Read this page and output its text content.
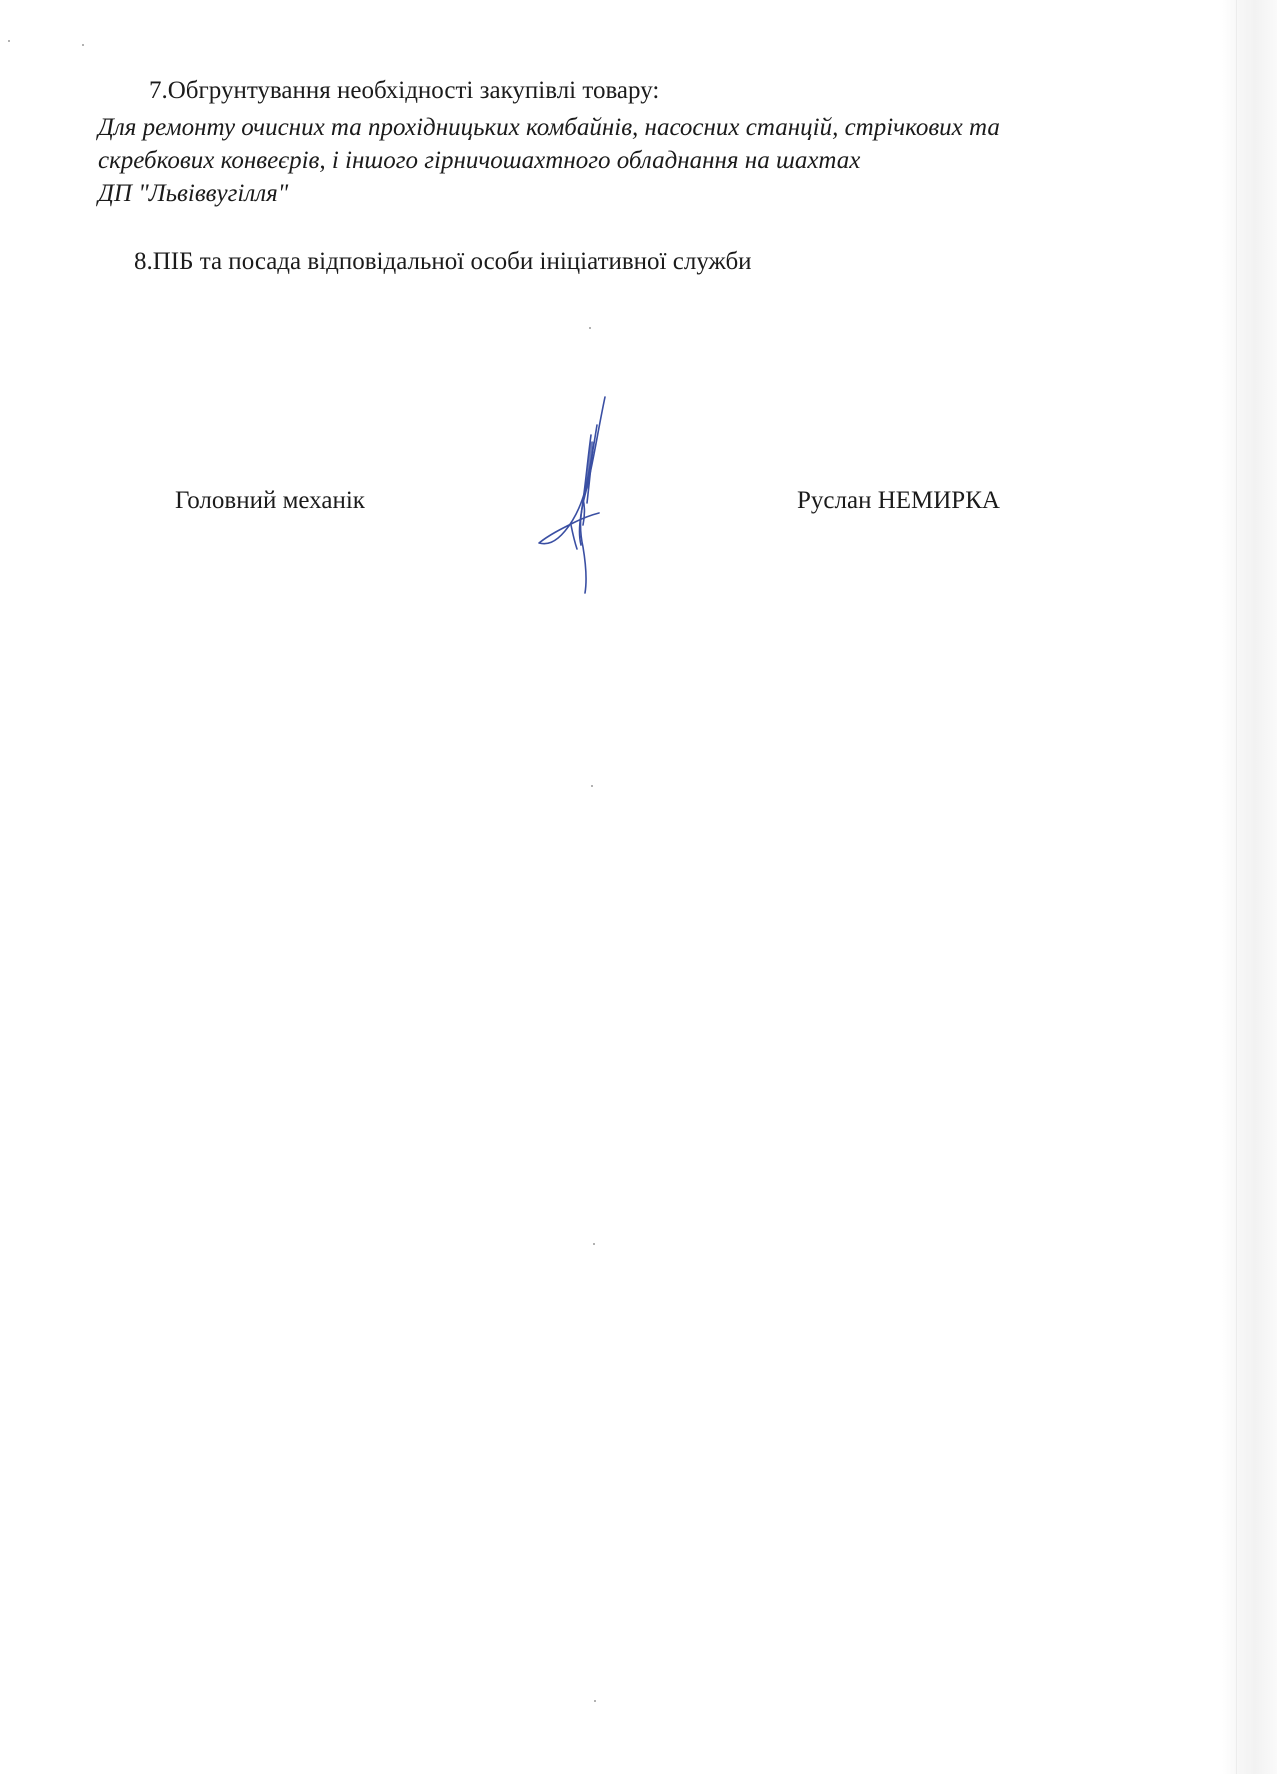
7.Обгрунтування необхідності закупівлі товару:
Для ремонту очисних та прохідницьких комбайнів, насосних станцій, стрічкових та
скребкових конвеєрів, і іншого гірничошахтного обладнання на шахтах
ДП "Львіввугілля"
8.ПІБ та посада відповідальної особи ініціативної служби
Головний механік	Руслан НЕМИРКА
